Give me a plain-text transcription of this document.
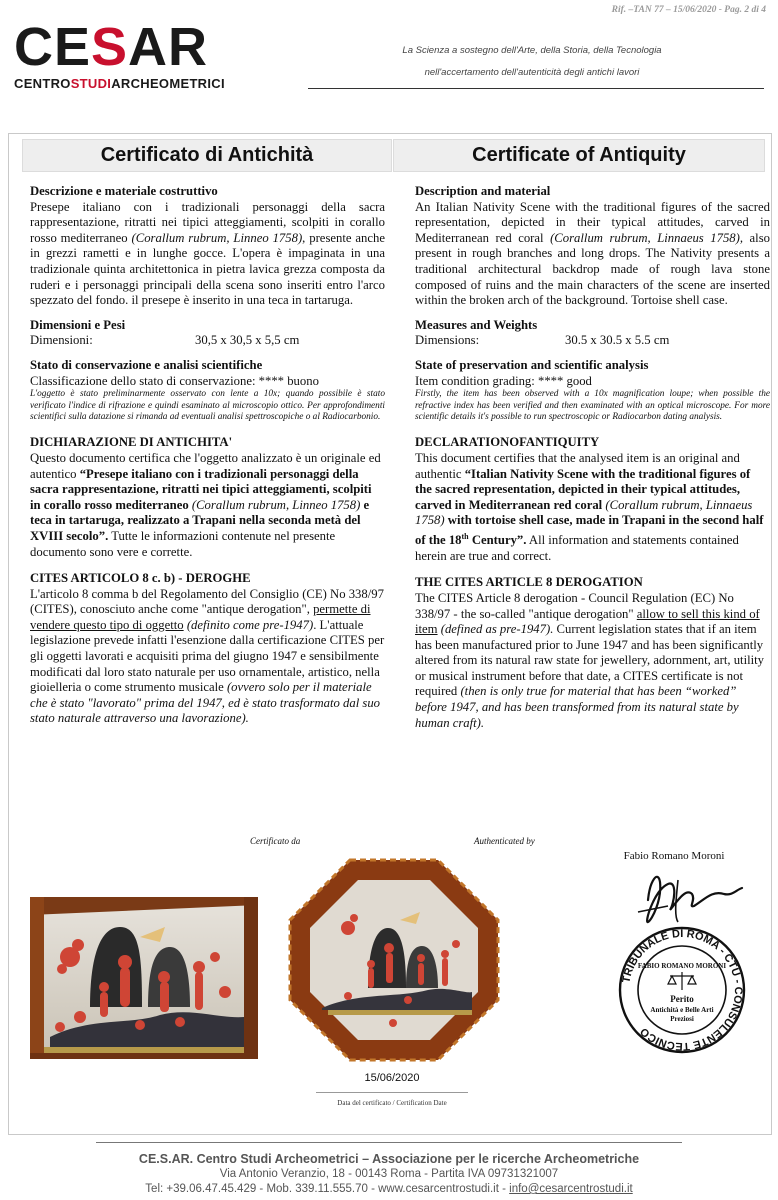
Rif. –TAN 77 – 15/06/2020 - Pag. 2 di 4
CESAR
CENTROSTUDIARCHEOMETRICI
La Scienza a sostegno dell'Arte, della Storia, della Tecnologia
nell'accertamento dell'autenticità degli antichi lavori
Certificato di Antichità	Certificate of Antiquity

Descrizione e materiale costruttivo

Presepe italiano con i tradizionali personaggi della sacra rappresentazione, ritratti nei tipici atteggiamenti, scolpiti in corallo rosso mediterraneo (Corallum rubrum, Linneo 1758), presente anche in grezzi rametti e in lunghe gocce. L'opera è impaginata in una tradizionale quinta architettonica in pietra lavica grezza composta da ruderi e i personaggi principali della scena sono inseriti entro l'arco spezzato del fondo. il presepe è inserito in una teca in tartaruga.

Dimensioni e Pesi

Dimensioni:	30,5 x 30,5 x 5,5 cm

Stato di conservazione e analisi scientifiche

Classificazione dello stato di conservazione: **** buono

L'oggetto è stato preliminarmente osservato con lente a 10x; quando possibile è stato verificato l'indice di rifrazione e quindi esaminato al microscopio ottico. Per approfondimenti scientifici sulla datazione si rimanda ad eventuali analisi spettroscopiche o al Radiocarbonio.

DICHIARAZIONE DI ANTICHITA'

Questo documento certifica che l'oggetto analizzato è un originale ed autentico “Presepe italiano con i tradizionali personaggi della sacra rappresentazione, ritratti nei tipici atteggiamenti, scolpiti in corallo rosso mediterraneo (Corallum rubrum, Linneo 1758) e teca in tartaruga, realizzato a Trapani nella seconda metà del XVIII secolo”. Tutte le informazioni contenute nel presente documento sono vere e corrette.

CITES ARTICOLO 8 c. b) - DEROGHE

L'articolo 8 comma b del Regolamento del Consiglio (CE) No 338/97 (CITES), conosciuto anche come "antique derogation", permette di vendere questo tipo di oggetto (definito come pre-1947). L'attuale legislazione prevede infatti l'esenzione dalla certificazione CITES per gli oggetti lavorati e acquisiti prima del giugno 1947 e sensibilmente modificati dal loro stato naturale per uso ornamentale, artistico, nella gioielleria o come strumento musicale (ovvero solo per il materiale che è stato "lavorato" prima del 1947, ed è stato trasformato dal suo stato naturale attraverso una lavorazione).

Description and material

An Italian Nativity Scene with the traditional figures of the sacred representation, depicted in their typical attitudes, carved in Mediterranean red coral (Corallum rubrum, Linnaeus 1758), also present in rough branches and long drops. The Nativity presents a traditional architectural backdrop made of rough lava stone composed of ruins and the main characters of the scene are inserted within the broken arch of the background. Tortoise shell case.

Measures and Weights

Dimensions:	30.5 x 30.5 x 5.5 cm

State of preservation and scientific analysis

Item condition grading: **** good

Firstly, the item has been observed with a 10x magnification loupe; when possible the refractive index has been verified and then examinated with an optical microscope. For more scientific details it's possible to run spectroscopic or Radiocarbon dating analysis.

DECLARATIONOFANTIQUITY

This document certifies that the analysed item is an original and authentic “Italian Nativity Scene with the traditional figures of the sacred representation, depicted in their typical attitudes, carved in Mediterranean red coral (Corallum rubrum, Linnaeus 1758) with tortoise shell case, made in Trapani in the second half of the 18th Century”. All information and statements contained herein are true and correct.

THE CITES ARTICLE 8 DEROGATION

The CITES Article 8 derogation - Council Regulation (EC) No 338/97 - the so-called "antique derogation" allow to sell this kind of item (defined as pre-1947). Current legislation states that if an item has been manufactured prior to June 1947 and has been significantly altered from its natural raw state for jewellery, adornment, art, utility or musical instrument before that date, a CITES certificate is not required (then is only true for material that has been “worked” before 1947, and has been transformed from its natural state by human craft).

Certificato da	Authenticated by
Fabio Romano Moroni
TRIBUNALE DI ROMA - CTU - CONSULENTE TECNICO
FABIO ROMANO MORONI
Perito
Antichità e Belle Arti
Preziosi
15/06/2020
Data del certificato / Certification Date
CE.S.AR. Centro Studi Archeometrici – Associazione per le ricerche Archeometriche
Via Antonio Veranzio, 18 - 00143 Roma - Partita IVA 09731321007
Tel: +39.06.47.45.429 - Mob. 339.11.555.70 - www.cesarcentrostudi.it - info@cesarcentrostudi.it
